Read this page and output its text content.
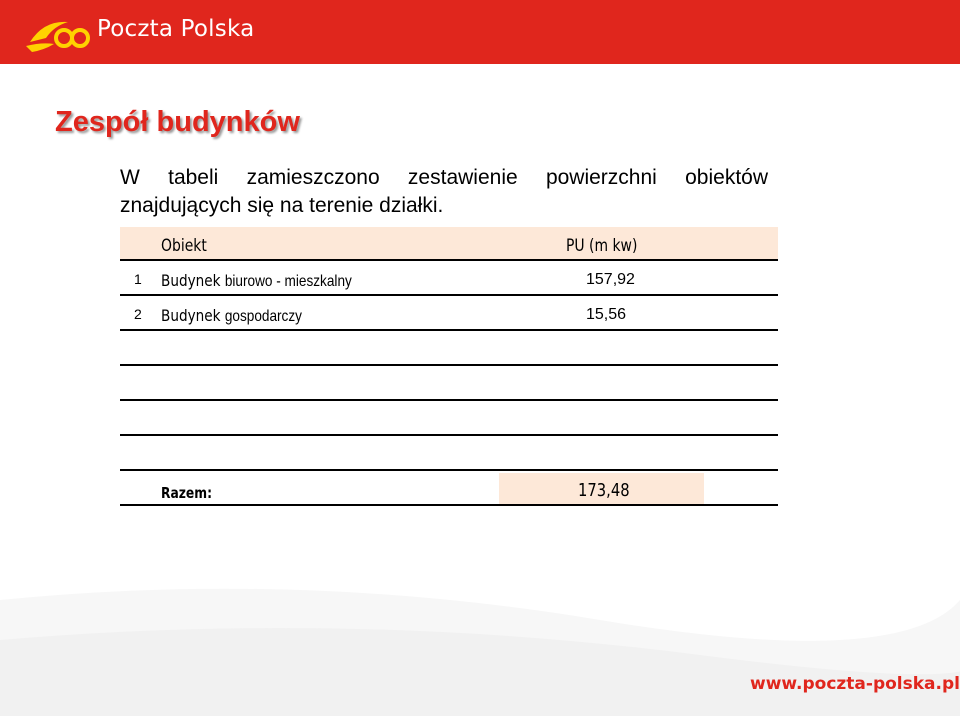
Poczta Polska
Zespół budynków
W tabeli zamieszczono zestawienie powierzchni obiektów znajdujących się na terenie działki.
Obiekt	PU (m kw)
1 Budynek biurowo - mieszkalny	157,92
2 Budynek gospodarczy	15,56
Razem:	173,48
www.poczta-polska.pl
